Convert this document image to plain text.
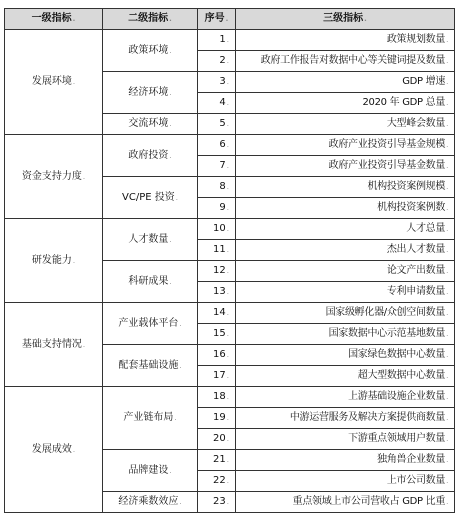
一级指标.	二级指标.	序号.	三级指标.
发展环境.	政策环境.	1.	政策规划数量.
		2.	政府工作报告对数据中心等关键词提及数量.
	经济环境.	3.	GDP 增速.
		4.	2020 年 GDP 总量.
	交流环境.	5.	大型峰会数量.
资金支持力度.	政府投资.	6.	政府产业投资引导基金规模.
		7.	政府产业投资引导基金数量.
	VC/PE 投资.	8.	机构投资案例规模.
		9.	机构投资案例数.
研发能力.	人才数量.	10.	人才总量.
		11.	杰出人才数量.
	科研成果.	12.	论文产出数量.
		13.	专利申请数量.
基础支持情况.	产业载体平台.	14.	国家级孵化器/众创空间数量.
		15.	国家数据中心示范基地数量.
	配套基础设施.	16.	国家绿色数据中心数量.
		17.	超大型数据中心数量.
发展成效.	产业链布局.	18.	上游基础设施企业数量.
		19.	中游运营服务及解决方案提供商数量.
		20.	下游重点领域用户数量.
	品牌建设.	21.	独角兽企业数量.
		22.	上市公司数量.
	经济乘数效应.	23.	重点领域上市公司营收占 GDP 比重.
